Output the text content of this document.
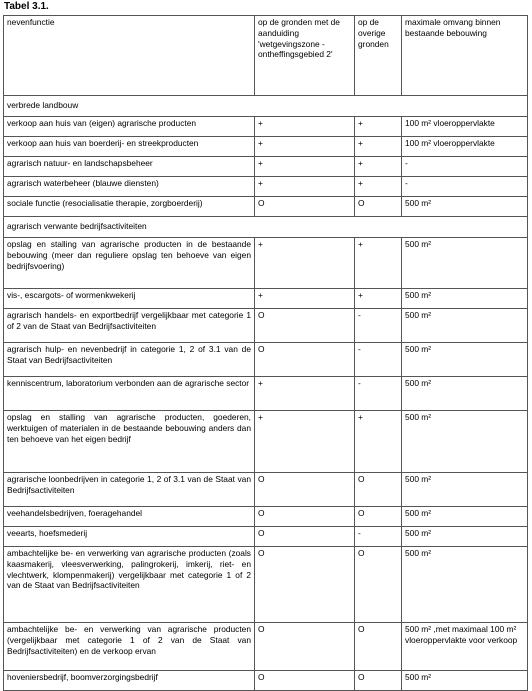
Tabel 3.1.
nevenfunctie	op de gronden met de aanduiding 'wetgevingszone - ontheffingsgebied 2'	op de overige gronden	maximale omvang binnen bestaande bebouwing
verbrede landbouw			
verkoop aan huis van (eigen) agrarische producten	+	+	100 m² vloeroppervlakte
verkoop aan huis van boerderij- en streekproducten	+	+	100 m² vloeroppervlakte
agrarisch natuur- en landschapsbeheer	+	+	-
agrarisch waterbeheer (blauwe diensten)	+	+	-
sociale functie (resocialisatie therapie, zorgboerderij)	O	O	500 m²
agrarisch verwante bedrijfsactiviteiten			
opslag en stalling van agrarische producten in de bestaande bebouwing (meer dan reguliere opslag ten behoeve van eigen bedrijfsvoering)	+	+	500 m²
vis-, escargots- of wormenkwekerij	+	+	500 m²
agrarisch handels- en exportbedrijf vergelijkbaar met categorie 1 of 2 van de Staat van Bedrijfsactiviteiten	O	-	500 m²
agrarisch hulp- en nevenbedrijf in categorie 1, 2 of 3.1 van de Staat van Bedrijfsactiviteiten	O	-	500 m²
kenniscentrum, laboratorium verbonden aan de agrarische sector	+	-	500 m²
opslag en stalling van agrarische producten, goederen, werktuigen of materialen in de bestaande bebouwing anders dan ten behoeve van het eigen bedrijf	+	+	500 m²
agrarische loonbedrijven in categorie 1, 2 of 3.1 van de Staat van Bedrijfsactiviteiten	O	O	500 m²
veehandelsbedrijven, foeragehandel	O	O	500 m²
veearts, hoefsmederij	O	-	500 m²
ambachtelijke be- en verwerking van agrarische producten (zoals kaasmakerij, vleesverwerking, palingrokerij, imkerij, riet- en vlechtwerk, klompenmakerij) vergelijkbaar met categorie 1 of 2 van de Staat van Bedrijfsactiviteiten	O	O	500 m²
ambachtelijke be- en verwerking van agrarische producten (vergelijkbaar met categorie 1 of 2 van de Staat van Bedrijfsactiviteiten) en de verkoop ervan	O	O	500 m² ,met maximaal 100 m² vloeroppervlakte voor verkoop
hoveniersbedrijf, boomverzorgingsbedrijf	O	O	500 m²
